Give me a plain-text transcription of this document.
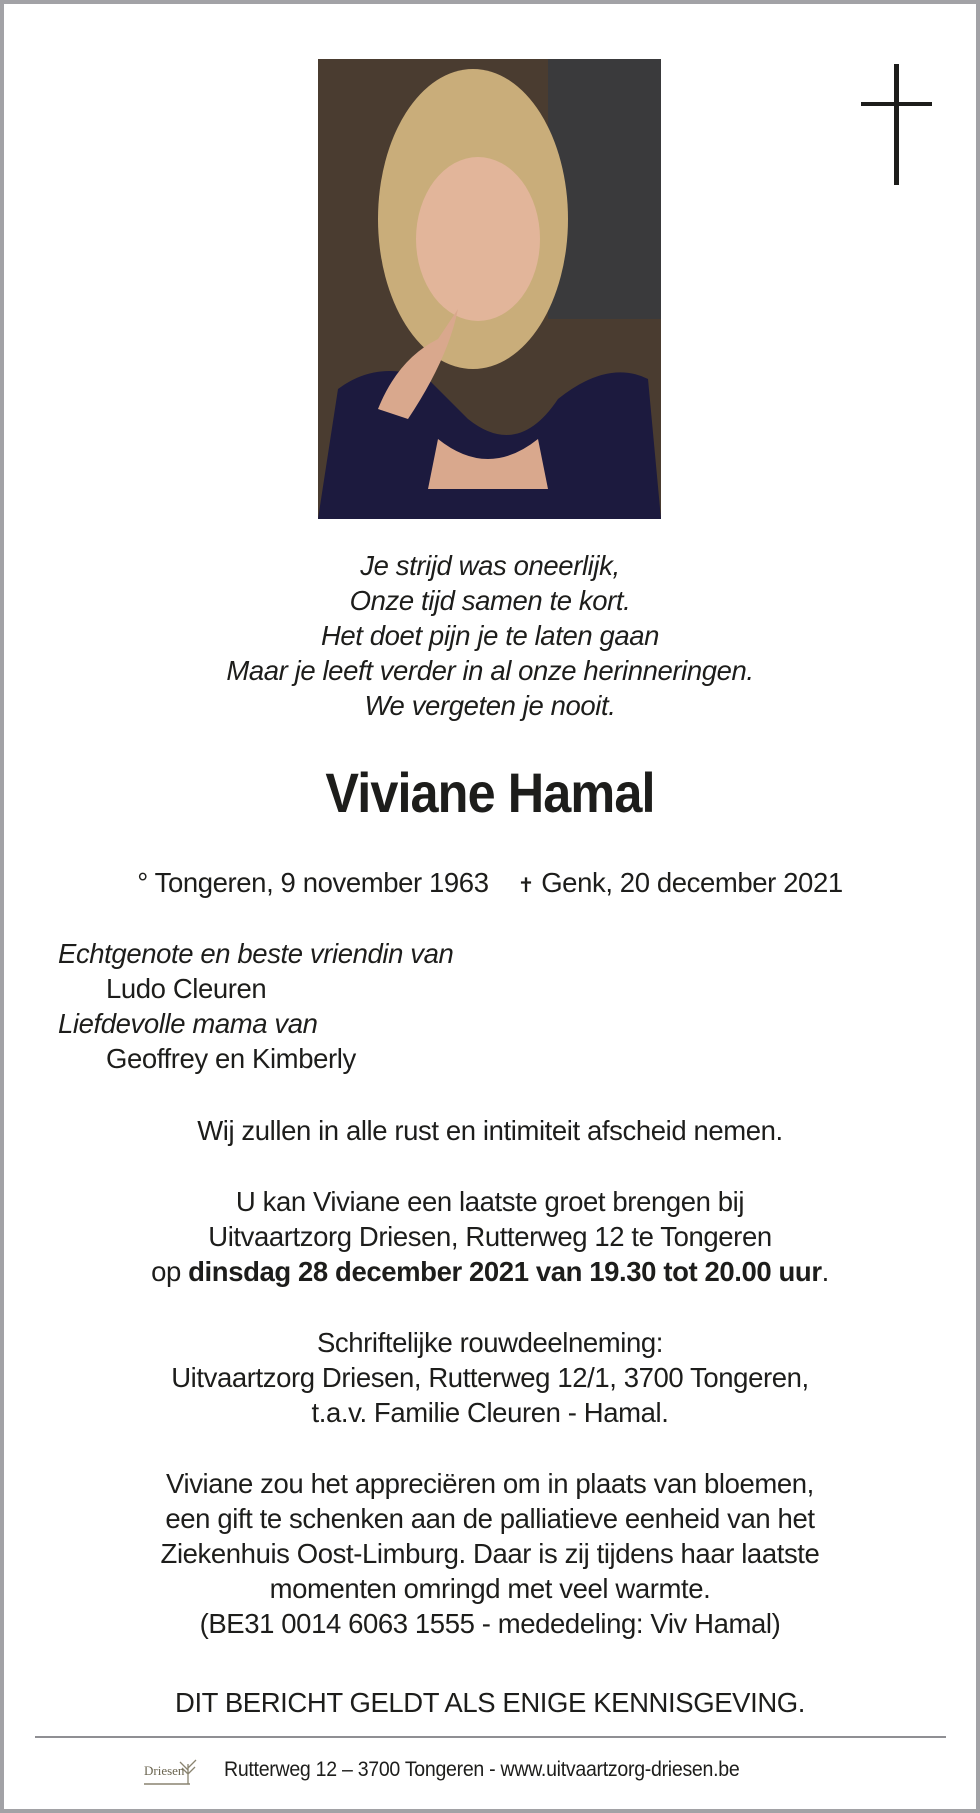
Je strijd was oneerlijk,
Onze tijd samen te kort.
Het doet pijn je te laten gaan
Maar je leeft verder in al onze herinneringen.
We vergeten je nooit.
Viviane Hamal
° Tongeren, 9 november 1963 ✝ Genk, 20 december 2021
Echtgenote en beste vriendin van
Ludo Cleuren
Liefdevolle mama van
Geoffrey en Kimberly
Wij zullen in alle rust en intimiteit afscheid nemen.
U kan Viviane een laatste groet brengen bij
Uitvaartzorg Driesen, Rutterweg 12 te Tongeren
op dinsdag 28 december 2021 van 19.30 tot 20.00 uur.
Schriftelijke rouwdeelneming:
Uitvaartzorg Driesen, Rutterweg 12/1, 3700 Tongeren,
t.a.v. Familie Cleuren - Hamal.
Viviane zou het appreciëren om in plaats van bloemen,
een gift te schenken aan de palliatieve eenheid van het
Ziekenhuis Oost-Limburg. Daar is zij tijdens haar laatste
momenten omringd met veel warmte.
(BE31 0014 6063 1555 - mededeling: Viv Hamal)
DIT BERICHT GELDT ALS ENIGE KENNISGEVING.
Driesen Rutterweg 12 – 3700 Tongeren - www.uitvaartzorg-driesen.be
